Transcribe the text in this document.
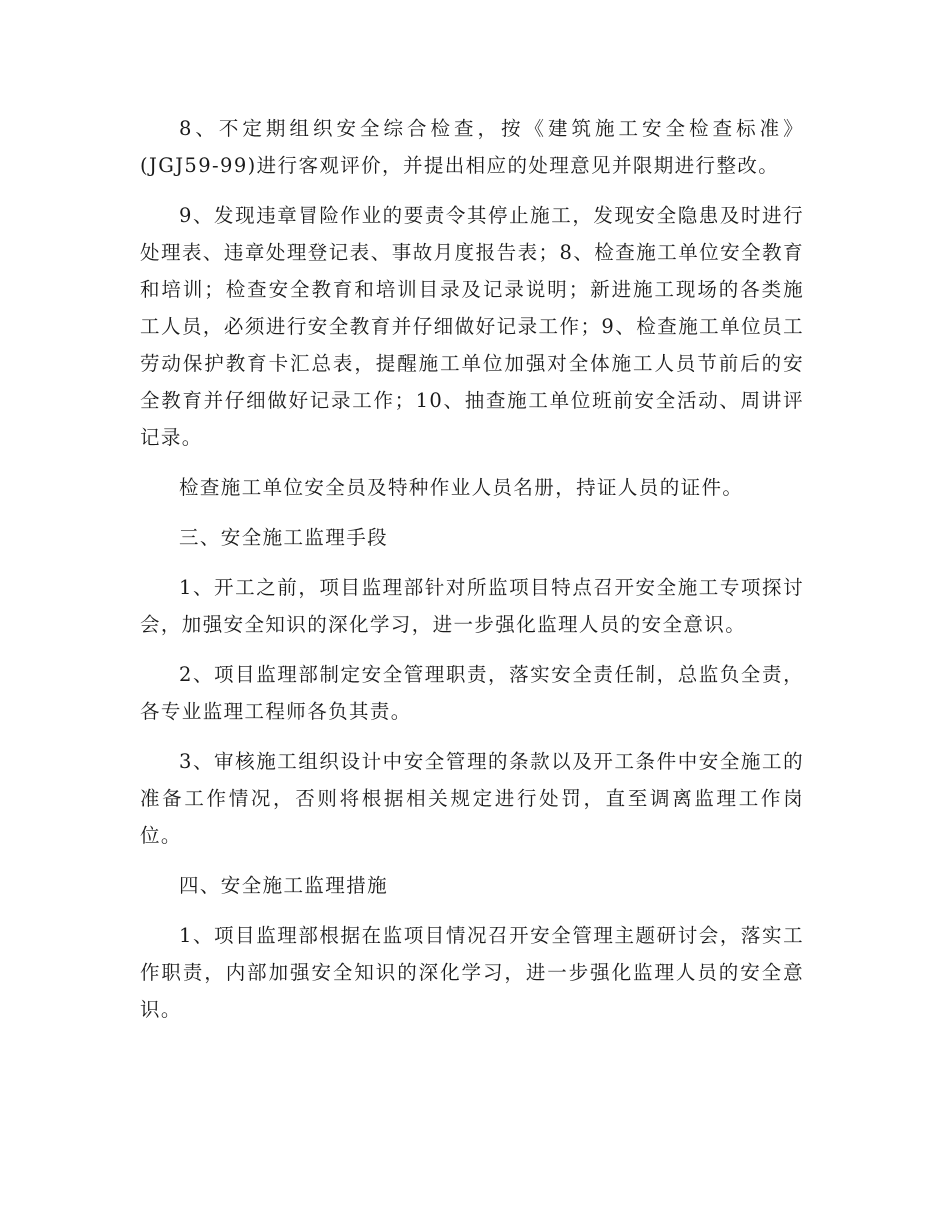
8、不定期组织安全综合检查，按《建筑施工安全检查标准》(JGJ59-99)进行客观评价，并提出相应的处理意见并限期进行整改。

9、发现违章冒险作业的要责令其停止施工，发现安全隐患及时进行处理表、违章处理登记表、事故月度报告表；8、检查施工单位安全教育和培训；检查安全教育和培训目录及记录说明；新进施工现场的各类施工人员，必须进行安全教育并仔细做好记录工作；9、检查施工单位员工劳动保护教育卡汇总表，提醒施工单位加强对全体施工人员节前后的安全教育并仔细做好记录工作；10、抽查施工单位班前安全活动、周讲评记录。

检查施工单位安全员及特种作业人员名册，持证人员的证件。

三、安全施工监理手段

1、开工之前，项目监理部针对所监项目特点召开安全施工专项探讨会，加强安全知识的深化学习，进一步强化监理人员的安全意识。

2、项目监理部制定安全管理职责，落实安全责任制，总监负全责，各专业监理工程师各负其责。

3、审核施工组织设计中安全管理的条款以及开工条件中安全施工的准备工作情况，否则将根据相关规定进行处罚，直至调离监理工作岗位。

四、安全施工监理措施

1、项目监理部根据在监项目情况召开安全管理主题研讨会，落实工作职责，内部加强安全知识的深化学习，进一步强化监理人员的安全意识。
